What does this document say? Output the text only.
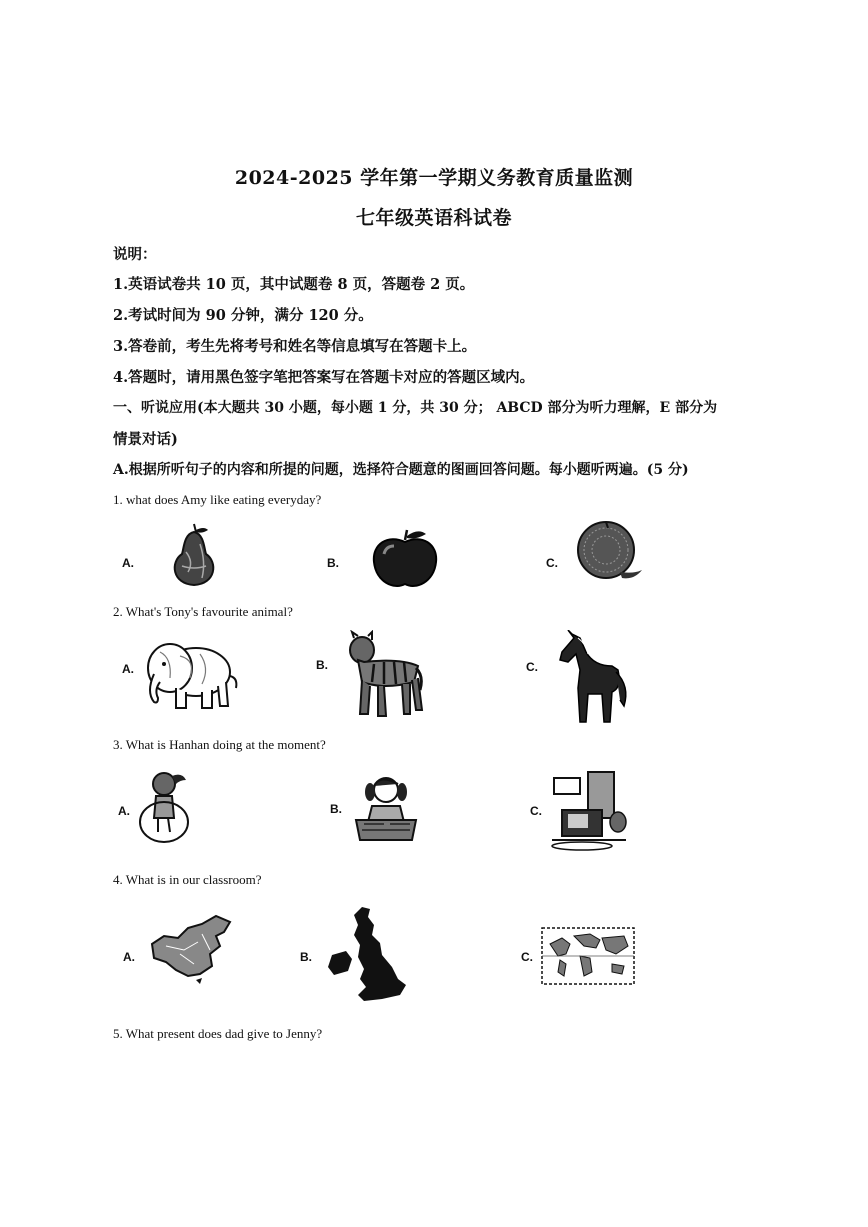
2024-2025 学年第一学期义务教育质量监测
七年级英语科试卷
说明：
1.英语试卷共 10 页，其中试题卷 8 页，答题卷 2 页。
2.考试时间为 90 分钟，满分 120 分。
3.答卷前，考生先将考号和姓名等信息填写在答题卡上。
4.答题时，请用黑色签字笔把答案写在答题卡对应的答题区域内。
一、听说应用(本大题共 30 小题，每小题 1 分，共 30 分； ABCD 部分为听力理解，E 部分为
情景对话)
A.根据所听句子的内容和所提的问题，选择符合题意的图画回答问题。每小题听两遍。(5 分)
1. what does Amy like eating everyday?
A.	B.	C.
2. What's Tony's favourite animal?
A.	B.	C.
3. What is Hanhan doing at the moment?
A.	B.	C.
4. What is in our classroom?
A.	B.	C.
5. What present does dad give to Jenny?
